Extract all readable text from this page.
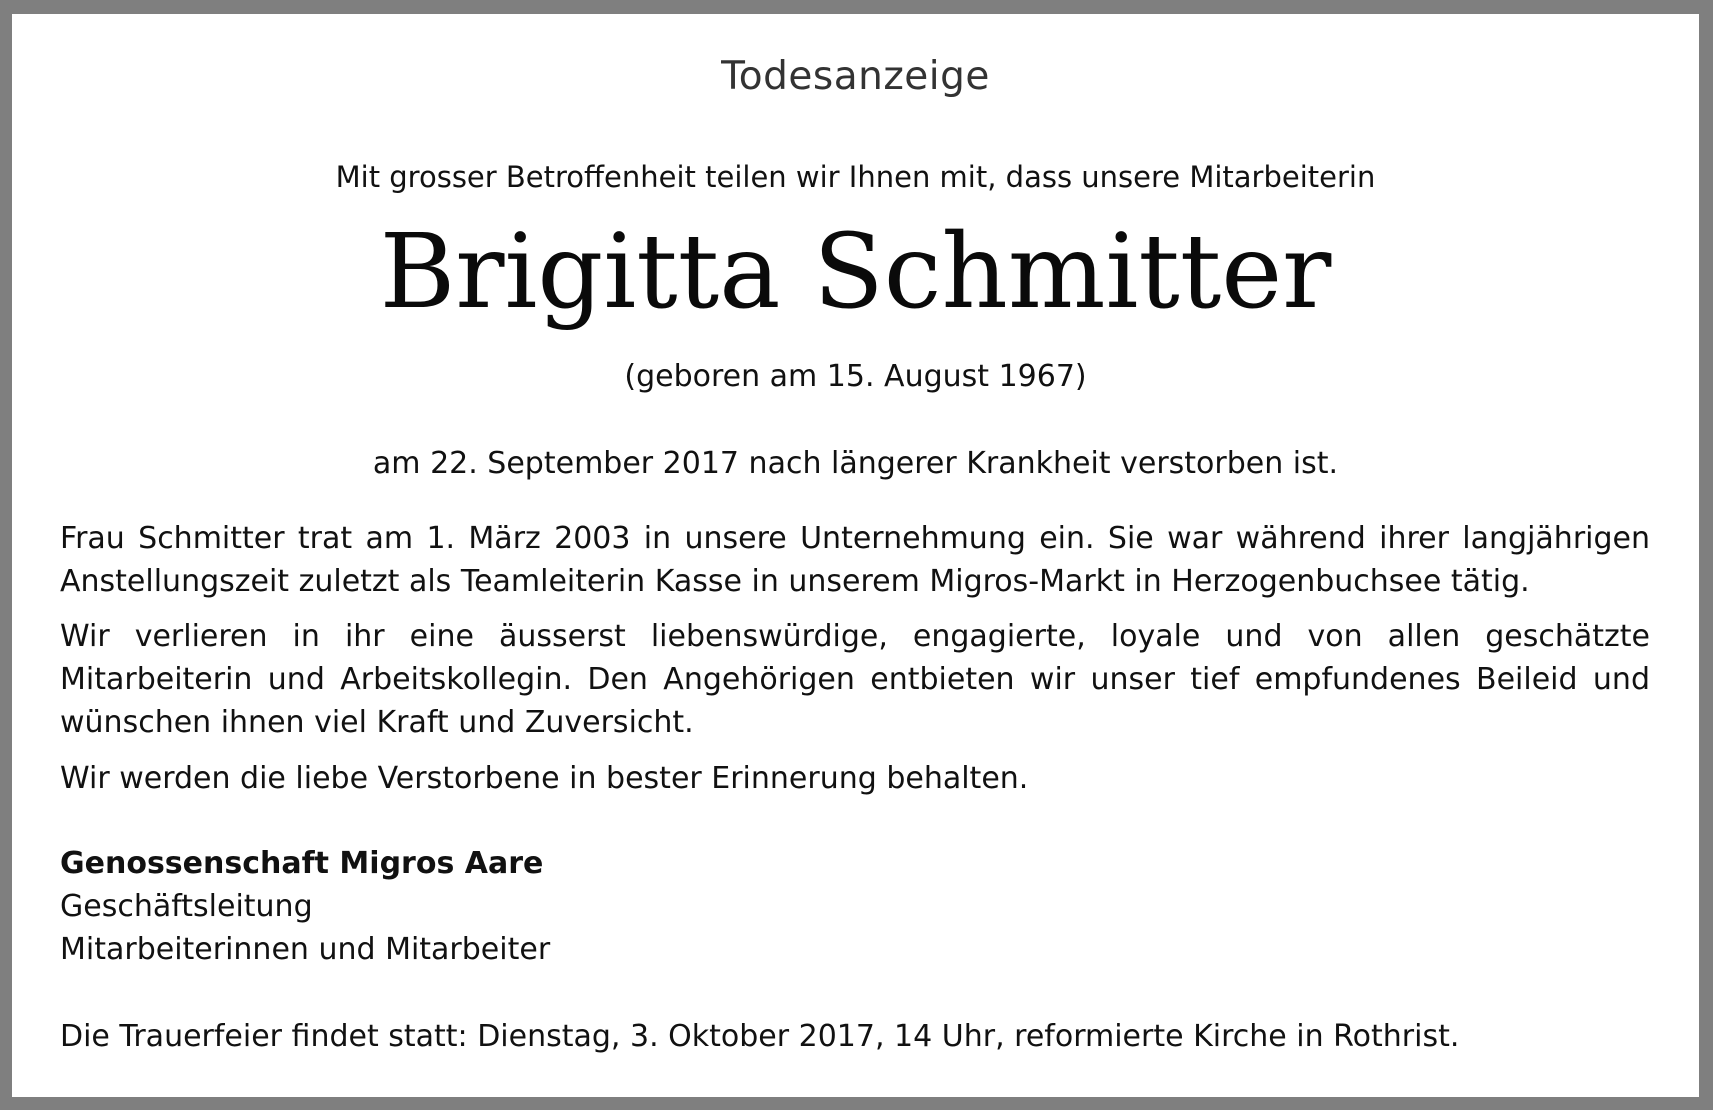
Todesanzeige
Mit grosser Betroffenheit teilen wir Ihnen mit, dass unsere Mitarbeiterin
Brigitta Schmitter
(geboren am 15. August 1967)
am 22. September 2017 nach längerer Krankheit verstorben ist.

Frau Schmitter trat am 1. März 2003 in unsere Unternehmung ein. Sie war während ihrer langjährigen Anstellungszeit zuletzt als Teamleiterin Kasse in unserem Migros-Markt in Herzogenbuchsee tätig.

Wir verlieren in ihr eine äusserst liebenswürdige, engagierte, loyale und von allen geschätzte Mitarbeiterin und Arbeitskollegin. Den Angehörigen entbieten wir unser tief empfundenes Beileid und wünschen ihnen viel Kraft und Zuversicht.

Wir werden die liebe Verstorbene in bester Erinnerung behalten.

Genossenschaft Migros Aare
Geschäftsleitung
Mitarbeiterinnen und Mitarbeiter
Die Trauerfeier findet statt: Dienstag, 3. Oktober 2017, 14 Uhr, reformierte Kirche in Rothrist.
